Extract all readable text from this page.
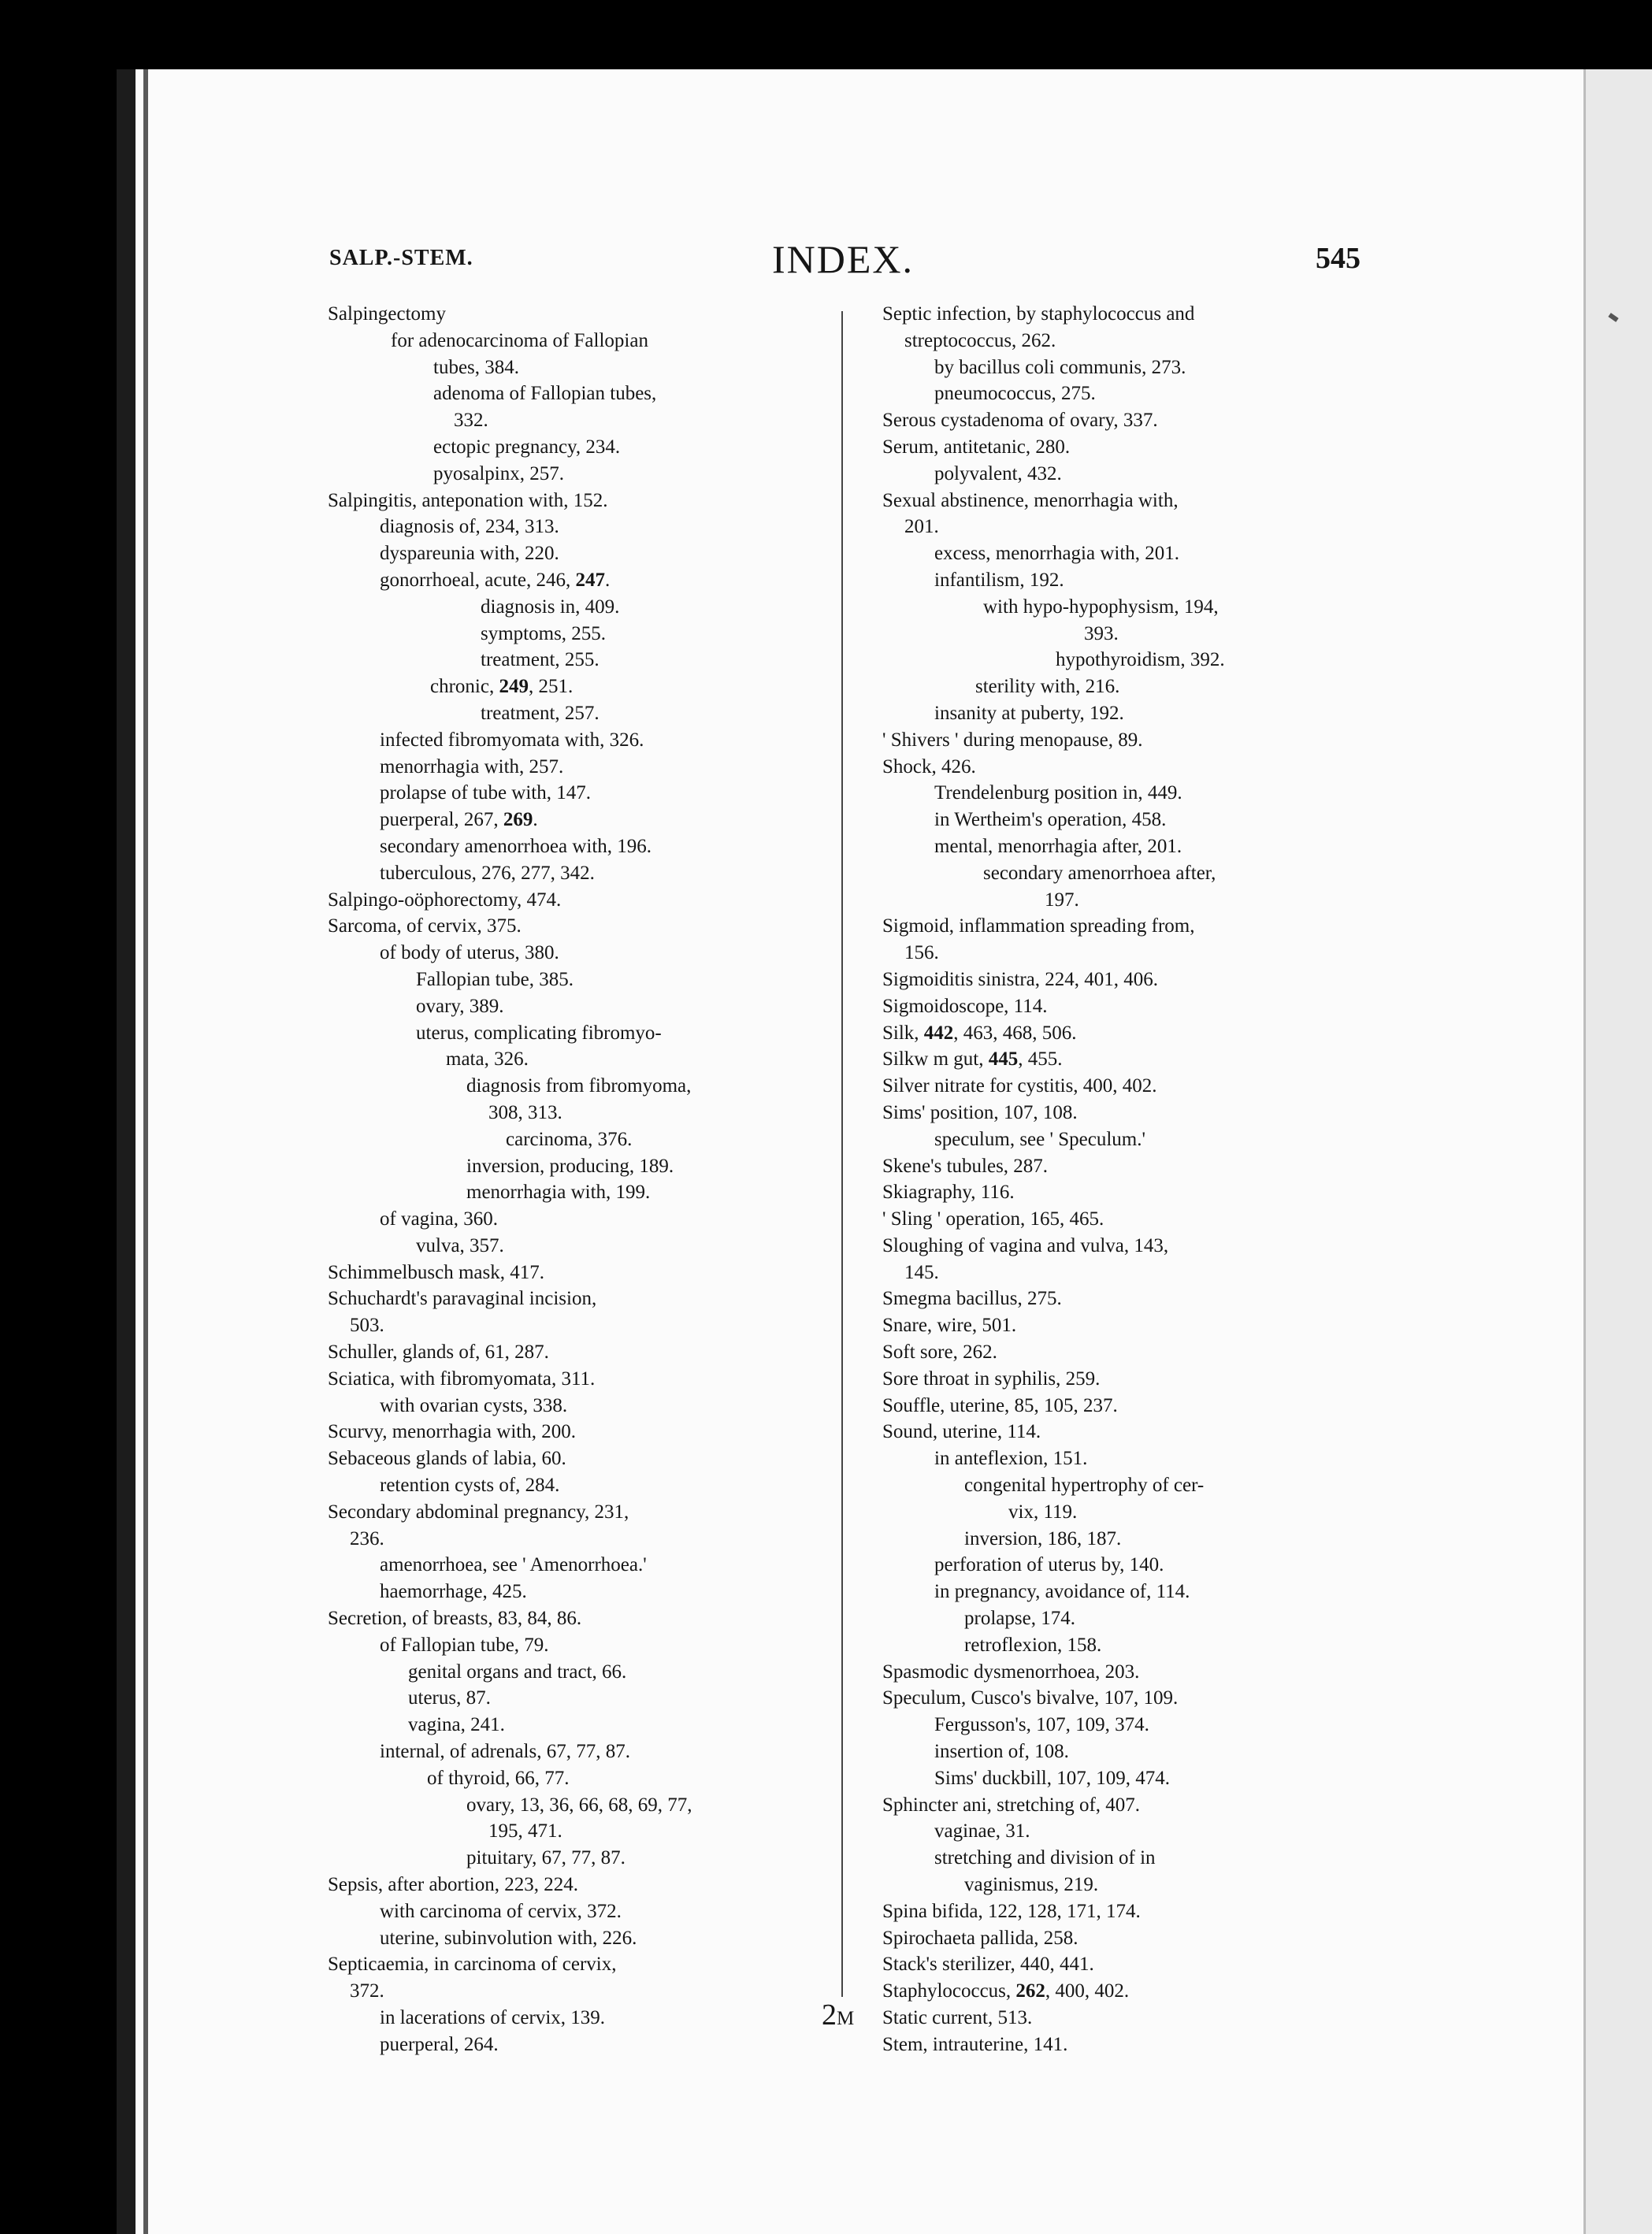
SALP.-STEM.	INDEX.	545
Salpingectomy
for adenocarcinoma of Fallopian
tubes, 384.
adenoma of Fallopian tubes,
332.
ectopic pregnancy, 234.
pyosalpinx, 257.
Salpingitis, anteponation with, 152.
diagnosis of, 234, 313.
dyspareunia with, 220.
gonorrhoeal, acute, 246, 247.
diagnosis in, 409.
symptoms, 255.
treatment, 255.
chronic, 249, 251.
treatment, 257.
infected fibromyomata with, 326.
menorrhagia with, 257.
prolapse of tube with, 147.
puerperal, 267, 269.
secondary amenorrhoea with, 196.
tuberculous, 276, 277, 342.
Salpingo-oöphorectomy, 474.
Sarcoma, of cervix, 375.
of body of uterus, 380.
Fallopian tube, 385.
ovary, 389.
uterus, complicating fibromyo-
mata, 326.
diagnosis from fibromyoma,
308, 313.
carcinoma, 376.
inversion, producing, 189.
menorrhagia with, 199.
of vagina, 360.
vulva, 357.
Schimmelbusch mask, 417.
Schuchardt's paravaginal incision,
503.
Schuller, glands of, 61, 287.
Sciatica, with fibromyomata, 311.
with ovarian cysts, 338.
Scurvy, menorrhagia with, 200.
Sebaceous glands of labia, 60.
retention cysts of, 284.
Secondary abdominal pregnancy, 231,
236.
amenorrhoea, see ' Amenorrhoea.'
haemorrhage, 425.
Secretion, of breasts, 83, 84, 86.
of Fallopian tube, 79.
genital organs and tract, 66.
uterus, 87.
vagina, 241.
internal, of adrenals, 67, 77, 87.
of thyroid, 66, 77.
ovary, 13, 36, 66, 68, 69, 77,
195, 471.
pituitary, 67, 77, 87.
Sepsis, after abortion, 223, 224.
with carcinoma of cervix, 372.
uterine, subinvolution with, 226.
Septicaemia, in carcinoma of cervix,
372.
in lacerations of cervix, 139.
puerperal, 264.
Septic infection, by staphylococcus and
streptococcus, 262.
by bacillus coli communis, 273.
pneumococcus, 275.
Serous cystadenoma of ovary, 337.
Serum, antitetanic, 280.
polyvalent, 432.
Sexual abstinence, menorrhagia with,
201.
excess, menorrhagia with, 201.
infantilism, 192.
with hypo-hypophysism, 194,
393.
hypothyroidism, 392.
sterility with, 216.
insanity at puberty, 192.
' Shivers ' during menopause, 89.
Shock, 426.
Trendelenburg position in, 449.
in Wertheim's operation, 458.
mental, menorrhagia after, 201.
secondary amenorrhoea after,
197.
Sigmoid, inflammation spreading from,
156.
Sigmoiditis sinistra, 224, 401, 406.
Sigmoidoscope, 114.
Silk, 442, 463, 468, 506.
Silkw m gut, 445, 455.
Silver nitrate for cystitis, 400, 402.
Sims' position, 107, 108.
speculum, see ' Speculum.'
Skene's tubules, 287.
Skiagraphy, 116.
' Sling ' operation, 165, 465.
Sloughing of vagina and vulva, 143,
145.
Smegma bacillus, 275.
Snare, wire, 501.
Soft sore, 262.
Sore throat in syphilis, 259.
Souffle, uterine, 85, 105, 237.
Sound, uterine, 114.
in anteflexion, 151.
congenital hypertrophy of cer-
vix, 119.
inversion, 186, 187.
perforation of uterus by, 140.
in pregnancy, avoidance of, 114.
prolapse, 174.
retroflexion, 158.
Spasmodic dysmenorrhoea, 203.
Speculum, Cusco's bivalve, 107, 109.
Fergusson's, 107, 109, 374.
insertion of, 108.
Sims' duckbill, 107, 109, 474.
Sphincter ani, stretching of, 407.
vaginae, 31.
stretching and division of in
vaginismus, 219.
Spina bifida, 122, 128, 171, 174.
Spirochaeta pallida, 258.
Stack's sterilizer, 440, 441.
Staphylococcus, 262, 400, 402.
Static current, 513.
Stem, intrauterine, 141.
2M
